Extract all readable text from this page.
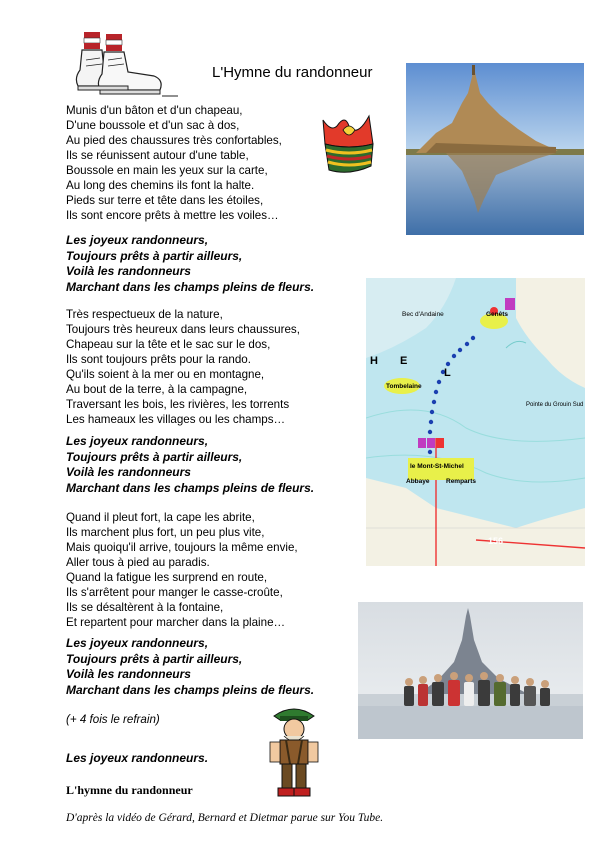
L'Hymne du randonneur
Munis d'un bâton et d'un chapeau,
D'une boussole et d'un sac à dos,
Au pied des chaussures très confortables,
Ils se réunissent autour d'une table,
Boussole en main les yeux sur la carte,
Au long des chemins ils font la halte.
Pieds sur terre et tête dans les étoiles,
Ils sont encore prêts à mettre les voiles…
Les joyeux randonneurs,
Toujours prêts à partir ailleurs,
Voilà les randonneurs
Marchant dans les champs pleins de fleurs.
Très respectueux de la nature,
Toujours très heureux dans leurs chaussures,
Chapeau sur la tête et le sac sur le dos,
Ils sont toujours prêts pour la rando.
Qu'ils soient à la mer ou en montagne,
Au bout de la terre, à la campagne,
Traversant les bois, les rivières, les torrents
Les hameaux les villages ou les champs…
Les joyeux randonneurs,
Toujours prêts à partir ailleurs,
Voilà les randonneurs
Marchant dans les champs pleins de fleurs.
Quand il pleut fort, la cape les abrite,
Ils marchent plus fort, un peu plus vite,
Mais quoiqu'il arrive, toujours la même envie,
Aller tous à pied au paradis.
Quand la fatigue les surprend en route,
Ils s'arrêtent pour manger le casse-croûte,
Ils se désaltèrent à la fontaine,
Et repartent pour marcher dans la plaine…
Les joyeux randonneurs,
Toujours prêts à partir ailleurs,
Voilà les randonneurs
Marchant dans les champs pleins de fleurs.
(+ 4 fois le refrain)
Les joyeux randonneurs.
L'hymne du randonneur
D'après la vidéo de Gérard, Bernard et Dietmar parue sur You Tube.
Bec d'Andaine	Genêts
Tombelaine
le Mont-St-Michel
Abbaye	Remparts
Pointe du Grouin Sud
H E
L
156
